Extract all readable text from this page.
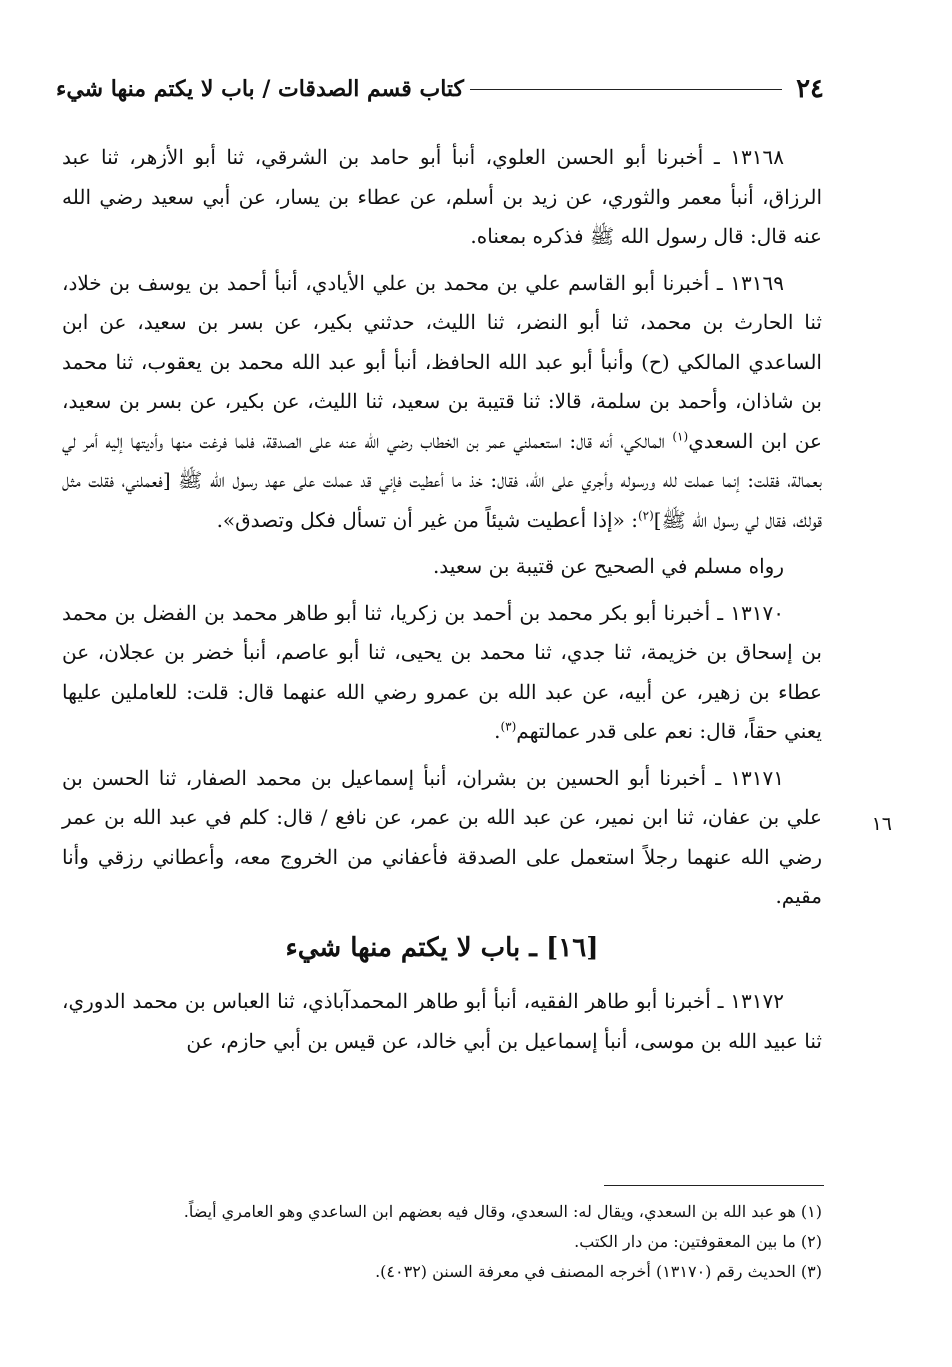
٢٤
كتاب قسم الصدقات / باب لا يكتم منها شيء

١٣١٦٨ ـ أخبرنا أبو الحسن العلوي، أنبأ أبو حامد بن الشرقي، ثنا أبو الأزهر، ثنا عبد الرزاق، أنبأ معمر والثوري، عن زيد بن أسلم، عن عطاء بن يسار، عن أبي سعيد رضي الله عنه قال: قال رسول الله ﷺ فذكره بمعناه.

١٣١٦٩ ـ أخبرنا أبو القاسم علي بن محمد بن علي الأيادي، أنبأ أحمد بن يوسف بن خلاد، ثنا الحارث بن محمد، ثنا أبو النضر، ثنا الليث، حدثني بكير، عن بسر بن سعيد، عن ابن الساعدي المالكي (ح) وأنبأ أبو عبد الله الحافظ، أنبأ أبو عبد الله محمد بن يعقوب، ثنا محمد بن شاذان، وأحمد بن سلمة، قالا: ثنا قتيبة بن سعيد، ثنا الليث، عن بكير، عن بسر بن سعيد، عن ابن السعدي$^{(١)}$ المالكي، أنه قال: استعملني عمر بن الخطاب رضي الله عنه على الصدقة، فلما فرغت منها وأديتها إليه أمر لي بعمالة، فقلت: إنما عملت لله ورسوله وأجري على الله، فقال: خذ ما أعطيت فإني قد عملت على عهد رسول الله ﷺ [فعملني، فقلت مثل قولك، فقال لي رسول الله ﷺ]$^{(٢)}$: «إذا أعطيت شيئاً من غير أن تسأل فكل وتصدق».

رواه مسلم في الصحيح عن قتيبة بن سعيد.

١٣١٧٠ ـ أخبرنا أبو بكر محمد بن أحمد بن زكريا، ثنا أبو طاهر محمد بن الفضل بن محمد بن إسحاق بن خزيمة، ثنا جدي، ثنا محمد بن يحيى، ثنا أبو عاصم، أنبأ خضر بن عجلان، عن عطاء بن زهير، عن أبيه، عن عبد الله بن عمرو رضي الله عنهما قال: قلت: للعاملين عليها يعني حقاً، قال: نعم على قدر عمالتهم$^{(٣)}$.

١٣١٧١ ـ أخبرنا أبو الحسين بن بشران، أنبأ إسماعيل بن محمد الصفار، ثنا الحسن بن علي بن عفان، ثنا ابن نمير، عن عبد الله بن عمر، عن نافع / قال: كلم في عبد الله بن عمر رضي الله عنهما رجلاً استعمل على الصدقة فأعفاني من الخروج معه، وأعطاني رزقي وأنا مقيم.
١٦

[١٦] ـ باب لا يكتم منها شيء

١٣١٧٢ ـ أخبرنا أبو طاهر الفقيه، أنبأ أبو طاهر المحمدآباذي، ثنا العباس بن محمد الدوري، ثنا عبيد الله بن موسى، أنبأ إسماعيل بن أبي خالد، عن قيس بن أبي حازم، عن

(١) هو عبد الله بن السعدي، ويقال له: السعدي، وقال فيه بعضهم ابن الساعدي وهو العامري أيضاً.

(٢) ما بين المعقوفتين: من دار الكتب.

(٣) الحديث رقم (١٣١٧٠) أخرجه المصنف في معرفة السنن (٤٠٣٢).
